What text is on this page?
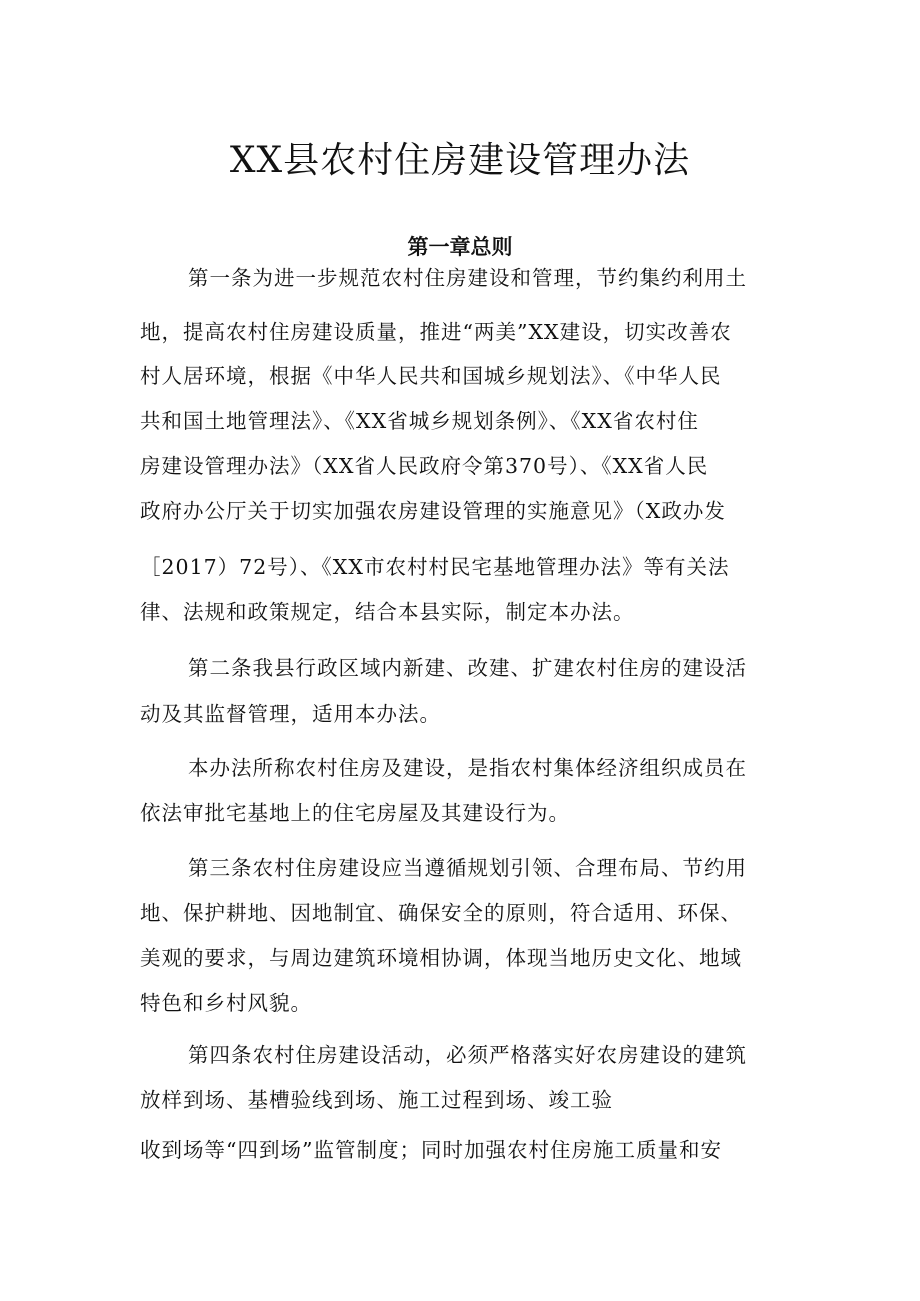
XX县农村住房建设管理办法
第一章总则
第一条为进一步规范农村住房建设和管理，节约集约利用土
地，提高农村住房建设质量，推进“两美”XX建设，切实改善农
村人居环境，根据《中华人民共和国城乡规划法》、《中华人民
共和国土地管理法》、《XX省城乡规划条例》、《XX省农村住
房建设管理办法》（XX省人民政府令第370号）、《XX省人民
政府办公厅关于切实加强农房建设管理的实施意见》（X政办发
［2017）72号）、《XX市农村村民宅基地管理办法》等有关法
律、法规和政策规定，结合本县实际，制定本办法。
第二条我县行政区域内新建、改建、扩建农村住房的建设活
动及其监督管理，适用本办法。
本办法所称农村住房及建设，是指农村集体经济组织成员在
依法审批宅基地上的住宅房屋及其建设行为。
第三条农村住房建设应当遵循规划引领、合理布局、节约用
地、保护耕地、因地制宜、确保安全的原则，符合适用、环保、
美观的要求，与周边建筑环境相协调，体现当地历史文化、地域
特色和乡村风貌。
第四条农村住房建设活动，必须严格落实好农房建设的建筑
放样到场、基槽验线到场、施工过程到场、竣工验
收到场等“四到场”监管制度；同时加强农村住房施工质量和安
